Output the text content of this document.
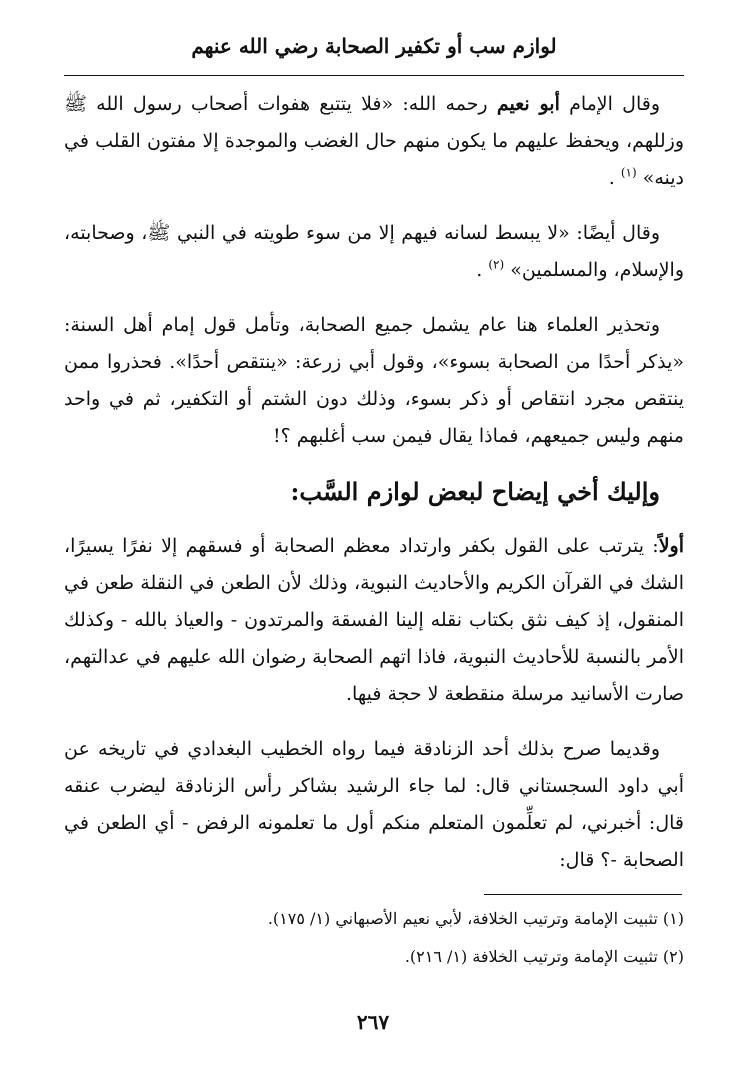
لوازم سب أو تكفير الصحابة رضي الله عنهم

وقال الإمام أبو نعيم رحمه الله: «فلا يتتبع هفوات أصحاب رسول الله ﷺ وزللهم، ويحفظ عليهم ما يكون منهم حال الغضب والموجدة إلا مفتون القلب في دينه» $^{(١)}$ .

وقال أيضًا: «لا يبسط لسانه فيهم إلا من سوء طويته في النبي ﷺ، وصحابته، والإسلام، والمسلمين» $^{(٢)}$ .

وتحذير العلماء هنا عام يشمل جميع الصحابة، وتأمل قول إمام أهل السنة: «يذكر أحدًا من الصحابة بسوء»، وقول أبي زرعة: «ينتقص أحدًا». فحذروا ممن ينتقص مجرد انتقاص أو ذكر بسوء، وذلك دون الشتم أو التكفير، ثم في واحد منهم وليس جميعهم، فماذا يقال فيمن سب أغلبهم ؟!

وإليك أخي إيضاح لبعض لوازم السَّب:

أولاً: يترتب على القول بكفر وارتداد معظم الصحابة أو فسقهم إلا نفرًا يسيرًا، الشك في القرآن الكريم والأحاديث النبوية، وذلك لأن الطعن في النقلة طعن في المنقول، إذ كيف نثق بكتاب نقله إلينا الفسقة والمرتدون - والعياذ بالله - وكذلك الأمر بالنسبة للأحاديث النبوية، فاذا اتهم الصحابة رضوان الله عليهم في عدالتهم، صارت الأسانيد مرسلة منقطعة لا حجة فيها.

وقديما صرح بذلك أحد الزنادقة فيما رواه الخطيب البغدادي في تاريخه عن أبي داود السجستاني قال: لما جاء الرشيد بشاكر رأس الزنادقة ليضرب عنقه قال: أخبرني، لم تعلِّمون المتعلم منكم أول ما تعلمونه الرفض - أي الطعن في الصحابة -؟ قال:

(١) تثبيت الإمامة وترتيب الخلافة، لأبي نعيم الأصبهاني (١/ ١٧٥).
(٢) تثبيت الإمامة وترتيب الخلافة (١/ ٢١٦).
٢٦٧
